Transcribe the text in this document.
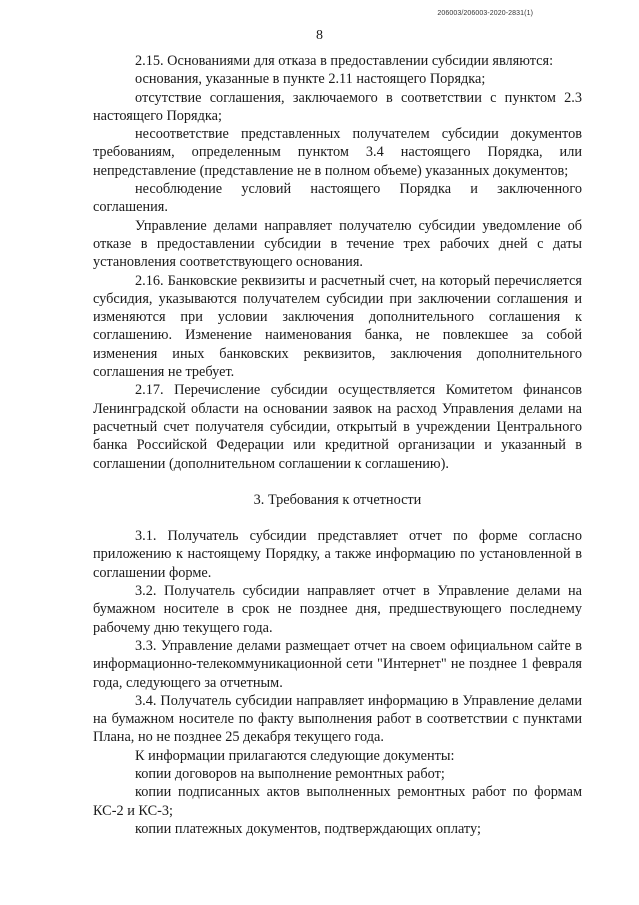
206003/206003-2020-2831(1)
8

2.15. Основаниями для отказа в предоставлении субсидии являются:

основания, указанные в пункте 2.11 настоящего Порядка;

отсутствие соглашения, заключаемого в соответствии с пунктом 2.3 настоящего Порядка;

несоответствие представленных получателем субсидии документов требованиям, определенным пунктом 3.4 настоящего Порядка, или непредставление (представление не в полном объеме) указанных документов;

несоблюдение условий настоящего Порядка и заключенного соглашения.

Управление делами направляет получателю субсидии уведомление об отказе в предоставлении субсидии в течение трех рабочих дней с даты установления соответствующего основания.

2.16. Банковские реквизиты и расчетный счет, на который перечисляется субсидия, указываются получателем субсидии при заключении соглашения и изменяются при условии заключения дополнительного соглашения к соглашению. Изменение наименования банка, не повлекшее за собой изменения иных банковских реквизитов, заключения дополнительного соглашения не требует.

2.17. Перечисление субсидии осуществляется Комитетом финансов Ленинградской области на основании заявок на расход Управления делами на расчетный счет получателя субсидии, открытый в учреждении Центрального банка Российской Федерации или кредитной организации и указанный в соглашении (дополнительном соглашении к соглашению).

3. Требования к отчетности

3.1. Получатель субсидии представляет отчет по форме согласно приложению к настоящему Порядку, а также информацию по установленной в соглашении форме.

3.2. Получатель субсидии направляет отчет в Управление делами на бумажном носителе в срок не позднее дня, предшествующего последнему рабочему дню текущего года.

3.3. Управление делами размещает отчет на своем официальном сайте в информационно-телекоммуникационной сети "Интернет" не позднее 1 февраля года, следующего за отчетным.

3.4. Получатель субсидии направляет информацию в Управление делами на бумажном носителе по факту выполнения работ в соответствии с пунктами Плана, но не позднее 25 декабря текущего года.

К информации прилагаются следующие документы:

копии договоров на выполнение ремонтных работ;

копии подписанных актов выполненных ремонтных работ по формам КС-2 и КС-3;

копии платежных документов, подтверждающих оплату;
